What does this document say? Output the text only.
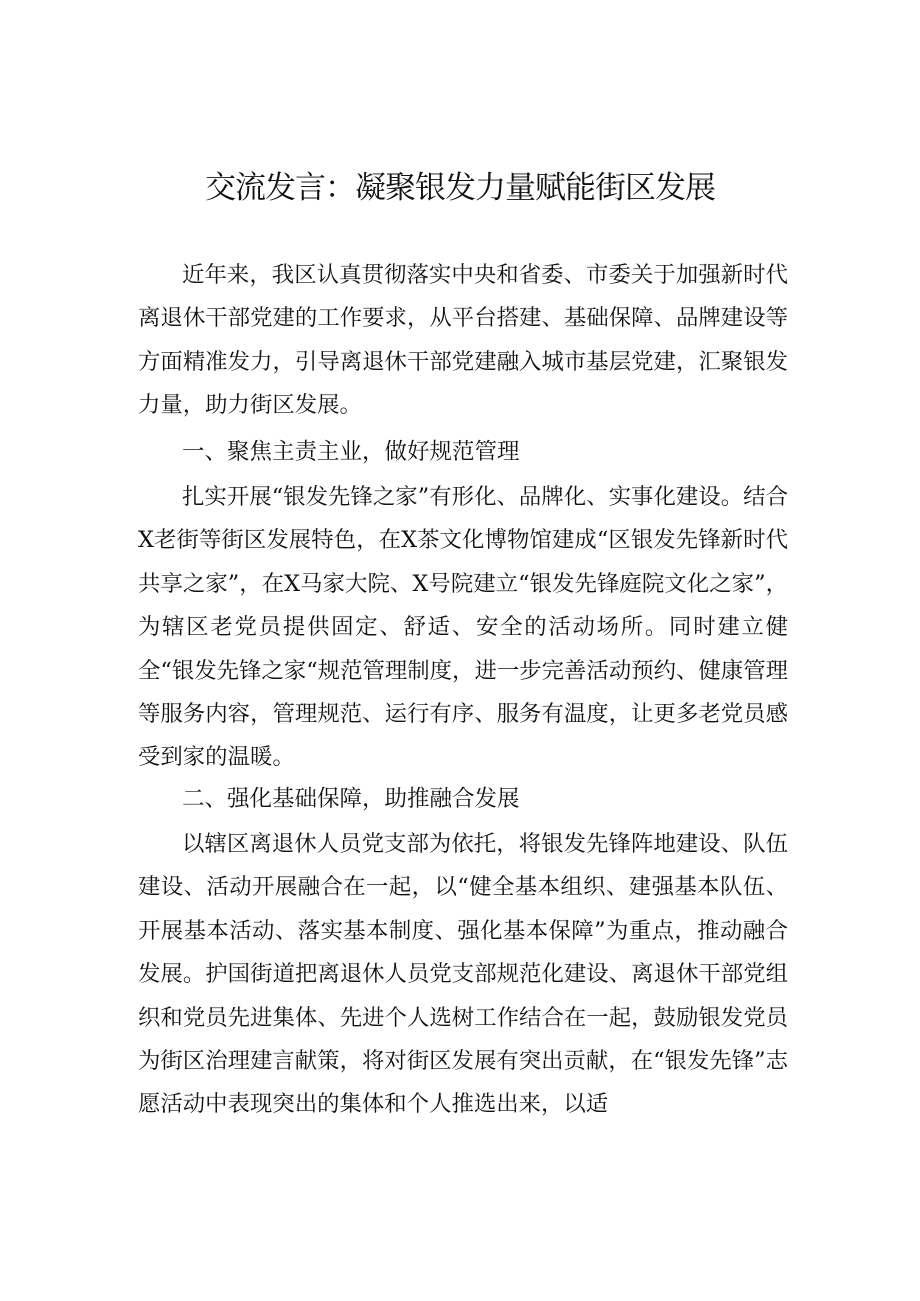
交流发言：凝聚银发力量赋能街区发展
近年来，我区认真贯彻落实中央和省委、市委关于加强新时代离退休干部党建的工作要求，从平台搭建、基础保障、品牌建设等方面精准发力，引导离退休干部党建融入城市基层党建，汇聚银发力量，助力街区发展。
一、聚焦主责主业，做好规范管理
扎实开展“银发先锋之家”有形化、品牌化、实事化建设。结合X老街等街区发展特色，在X茶文化博物馆建成“区银发先锋新时代共享之家”，在X马家大院、X号院建立“银发先锋庭院文化之家”，为辖区老党员提供固定、舒适、安全的活动场所。同时建立健全“银发先锋之家“规范管理制度，进一步完善活动预约、健康管理等服务内容，管理规范、运行有序、服务有温度，让更多老党员感受到家的温暖。
二、强化基础保障，助推融合发展
以辖区离退休人员党支部为依托，将银发先锋阵地建设、队伍建设、活动开展融合在一起，以“健全基本组织、建强基本队伍、开展基本活动、落实基本制度、强化基本保障”为重点，推动融合发展。护国街道把离退休人员党支部规范化建设、离退休干部党组织和党员先进集体、先进个人选树工作结合在一起，鼓励银发党员为街区治理建言献策，将对街区发展有突出贡献，在“银发先锋”志愿活动中表现突出的集体和个人推选出来，以适
